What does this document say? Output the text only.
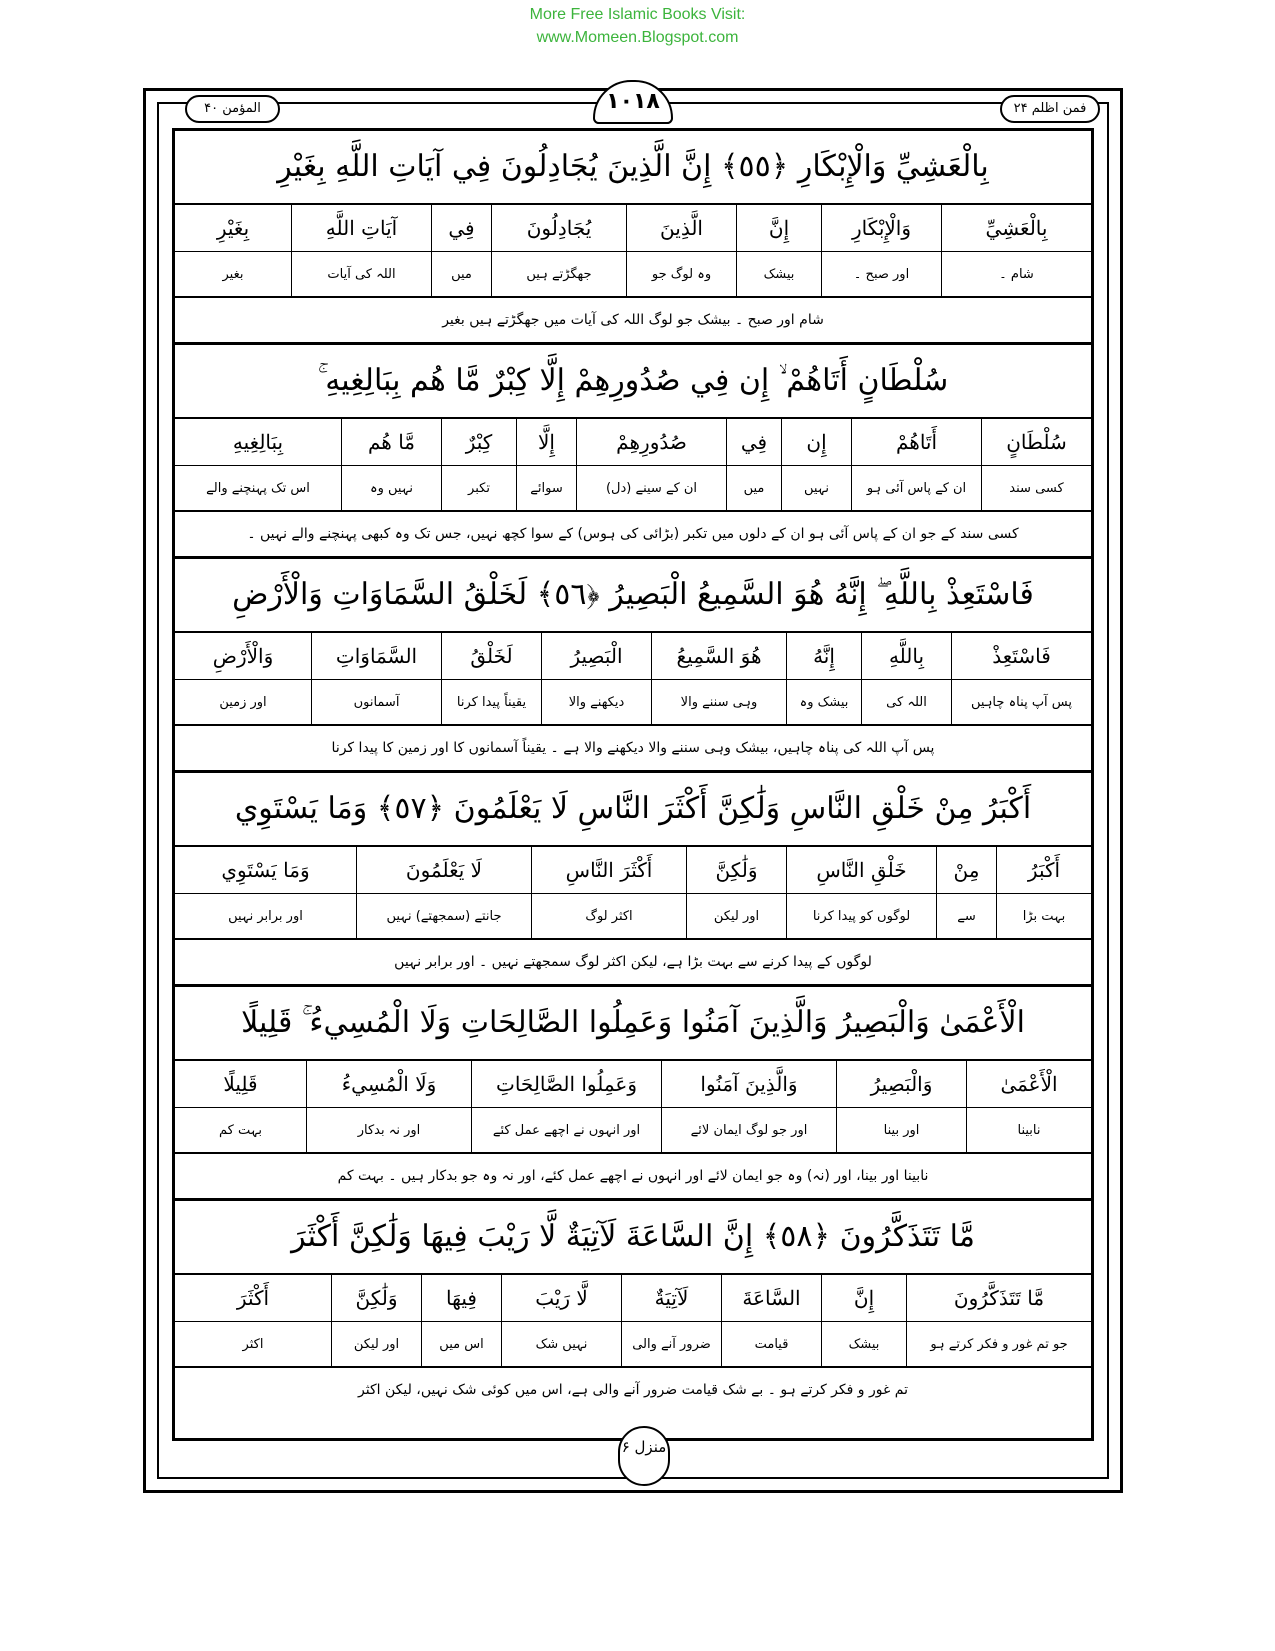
More Free Islamic Books Visit:
www.Momeen.Blogspot.com
فمن اظلم ۲۴
۱۰۱۸
المؤمن ۴۰
بِالْعَشِيِّ وَالْإِبْكَارِ ﴿٥٥﴾ إِنَّ الَّذِينَ يُجَادِلُونَ فِي آيَاتِ اللَّهِ بِغَيْرِ
بِالْعَشِيِّ
وَالْإِبْكَارِ
إِنَّ
الَّذِينَ
يُجَادِلُونَ
فِي
آيَاتِ اللَّهِ
بِغَيْرِ
شام ۔
اور صبح ۔
بیشک
وہ لوگ جو
جھگڑتے ہیں
میں
اللہ کی آیات
بغیر
شام اور صبح ۔ بیشک جو لوگ اللہ کی آیات میں جھگڑتے ہیں بغیر
سُلْطَانٍ أَتَاهُمْ ۙ إِن فِي صُدُورِهِمْ إِلَّا كِبْرٌ مَّا هُم بِبَالِغِيهِ ۚ
سُلْطَانٍ
أَتَاهُمْ
إِن
فِي
صُدُورِهِمْ
إِلَّا
كِبْرٌ
مَّا هُم
بِبَالِغِيهِ
کسی سند
ان کے پاس آئی ہو
نہیں
میں
ان کے سینے (دل)
سوائے
تکبر
نہیں وہ
اس تک پہنچنے والے
کسی سند کے جو ان کے پاس آئی ہو ان کے دلوں میں تکبر (بڑائی کی ہوس) کے سوا کچھ نہیں، جس تک وہ کبھی پہنچنے والے نہیں ۔
فَاسْتَعِذْ بِاللَّهِ ۖ إِنَّهُ هُوَ السَّمِيعُ الْبَصِيرُ ﴿٥٦﴾ لَخَلْقُ السَّمَاوَاتِ وَالْأَرْضِ
فَاسْتَعِذْ
بِاللَّهِ
إِنَّهُ
هُوَ السَّمِيعُ
الْبَصِيرُ
لَخَلْقُ
السَّمَاوَاتِ
وَالْأَرْضِ
پس آپ پناہ چاہیں
اللہ کی
بیشک وہ
وہی سننے والا
دیکھنے والا
یقیناً پیدا کرنا
آسمانوں
اور زمین
پس آپ اللہ کی پناہ چاہیں، بیشک وہی سننے والا دیکھنے والا ہے ۔ یقیناً آسمانوں کا اور زمین کا پیدا کرنا
أَكْبَرُ مِنْ خَلْقِ النَّاسِ وَلَٰكِنَّ أَكْثَرَ النَّاسِ لَا يَعْلَمُونَ ﴿٥٧﴾ وَمَا يَسْتَوِي
أَكْبَرُ
مِنْ
خَلْقِ النَّاسِ
وَلَٰكِنَّ
أَكْثَرَ النَّاسِ
لَا يَعْلَمُونَ
وَمَا يَسْتَوِي
بہت بڑا
سے
لوگوں کو پیدا کرنا
اور لیکن
اکثر لوگ
جانتے (سمجھتے) نہیں
اور برابر نہیں
لوگوں کے پیدا کرنے سے بہت بڑا ہے، لیکن اکثر لوگ سمجھتے نہیں ۔ اور برابر نہیں
الْأَعْمَىٰ وَالْبَصِيرُ وَالَّذِينَ آمَنُوا وَعَمِلُوا الصَّالِحَاتِ وَلَا الْمُسِيءُ ۚ قَلِيلًا
الْأَعْمَىٰ
وَالْبَصِيرُ
وَالَّذِينَ آمَنُوا
وَعَمِلُوا الصَّالِحَاتِ
وَلَا الْمُسِيءُ
قَلِيلًا
نابینا
اور بینا
اور جو لوگ ایمان لائے
اور انہوں نے اچھے عمل کئے
اور نہ بدکار
بہت کم
نابینا اور بینا، اور (نہ) وہ جو ایمان لائے اور انہوں نے اچھے عمل کئے، اور نہ وہ جو بدکار ہیں ۔ بہت کم
مَّا تَتَذَكَّرُونَ ﴿٥٨﴾ إِنَّ السَّاعَةَ لَآتِيَةٌ لَّا رَيْبَ فِيهَا وَلَٰكِنَّ أَكْثَرَ
مَّا تَتَذَكَّرُونَ
إِنَّ
السَّاعَةَ
لَآتِيَةٌ
لَّا رَيْبَ
فِيهَا
وَلَٰكِنَّ
أَكْثَرَ
جو تم غور و فکر کرتے ہو
بیشک
قیامت
ضرور آنے والی
نہیں شک
اس میں
اور لیکن
اکثر
تم غور و فکر کرتے ہو ۔ بے شک قیامت ضرور آنے والی ہے، اس میں کوئی شک نہیں، لیکن اکثر
منزل ۶
